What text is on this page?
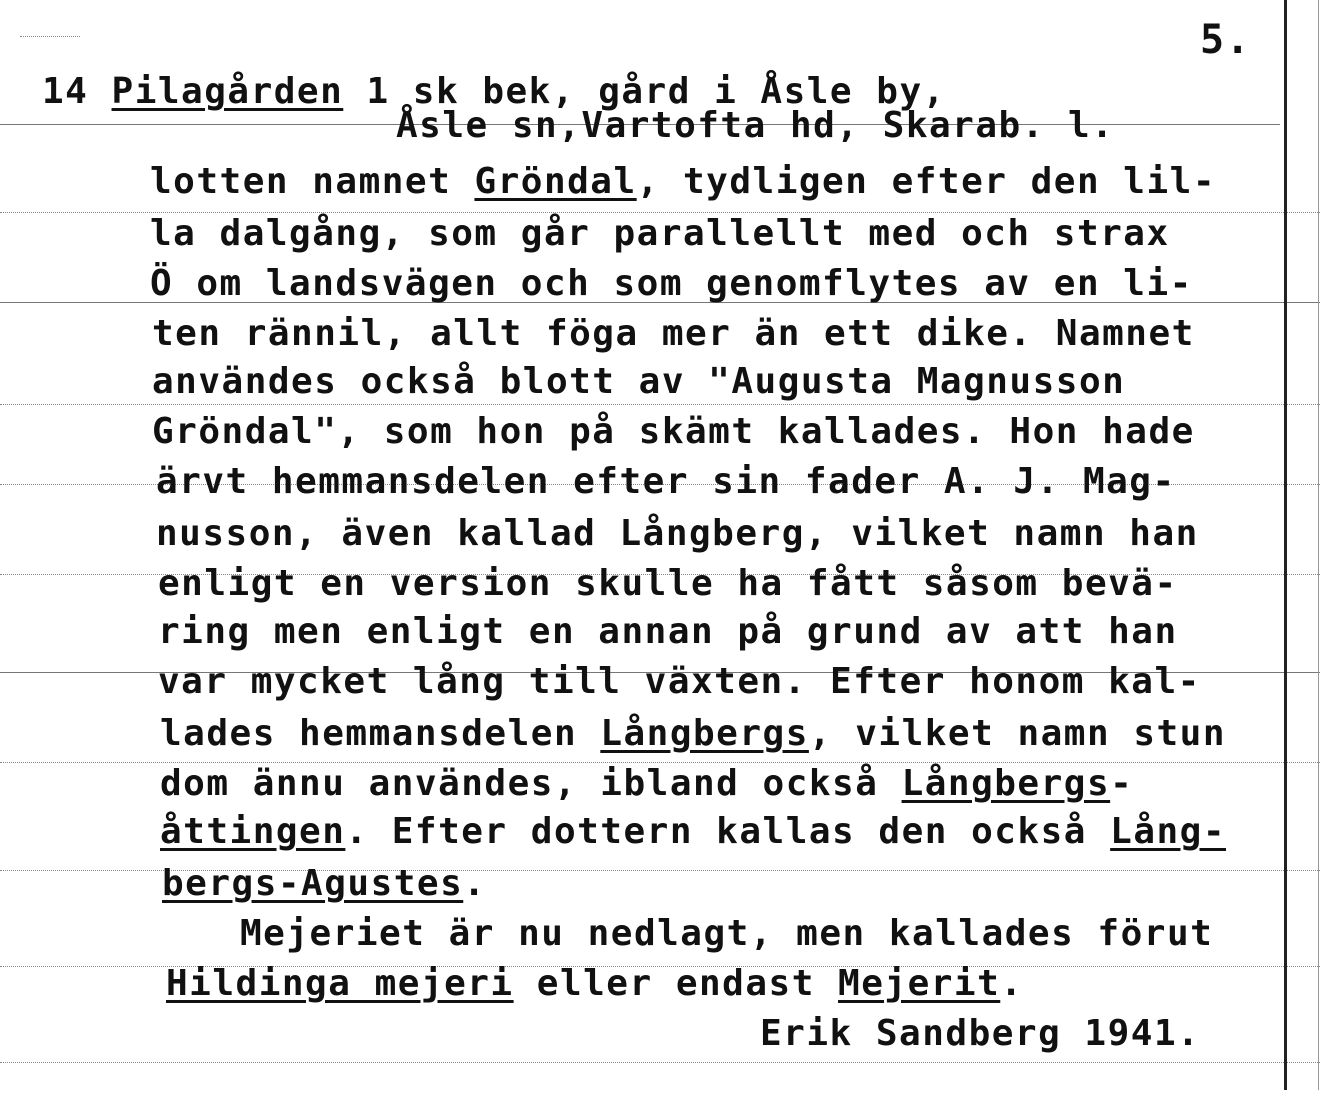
5.
14 Pilagården 1 sk bek, gård i Åsle by,
Åsle sn,Vartofta hd, Skarab. l.
lotten namnet Gröndal, tydligen efter den lil-
la dalgång, som går parallellt med och strax
Ö om landsvägen och som genomflytes av en li-
ten rännil, allt föga mer än ett dike. Namnet
användes också blott av "Augusta Magnusson
Gröndal", som hon på skämt kallades. Hon hade
ärvt hemmansdelen efter sin fader A. J. Mag-
nusson, även kallad Långberg, vilket namn han
enligt en version skulle ha fått såsom bevä-
ring men enligt en annan på grund av att han
var mycket lång till växten. Efter honom kal-
lades hemmansdelen Långbergs, vilket namn stun
dom ännu användes, ibland också Långbergs-
åttingen. Efter dottern kallas den också Lång-
bergs-Agustes.
Mejeriet är nu nedlagt, men kallades förut
Hildinga mejeri eller endast Mejerit.
Erik Sandberg 1941.
